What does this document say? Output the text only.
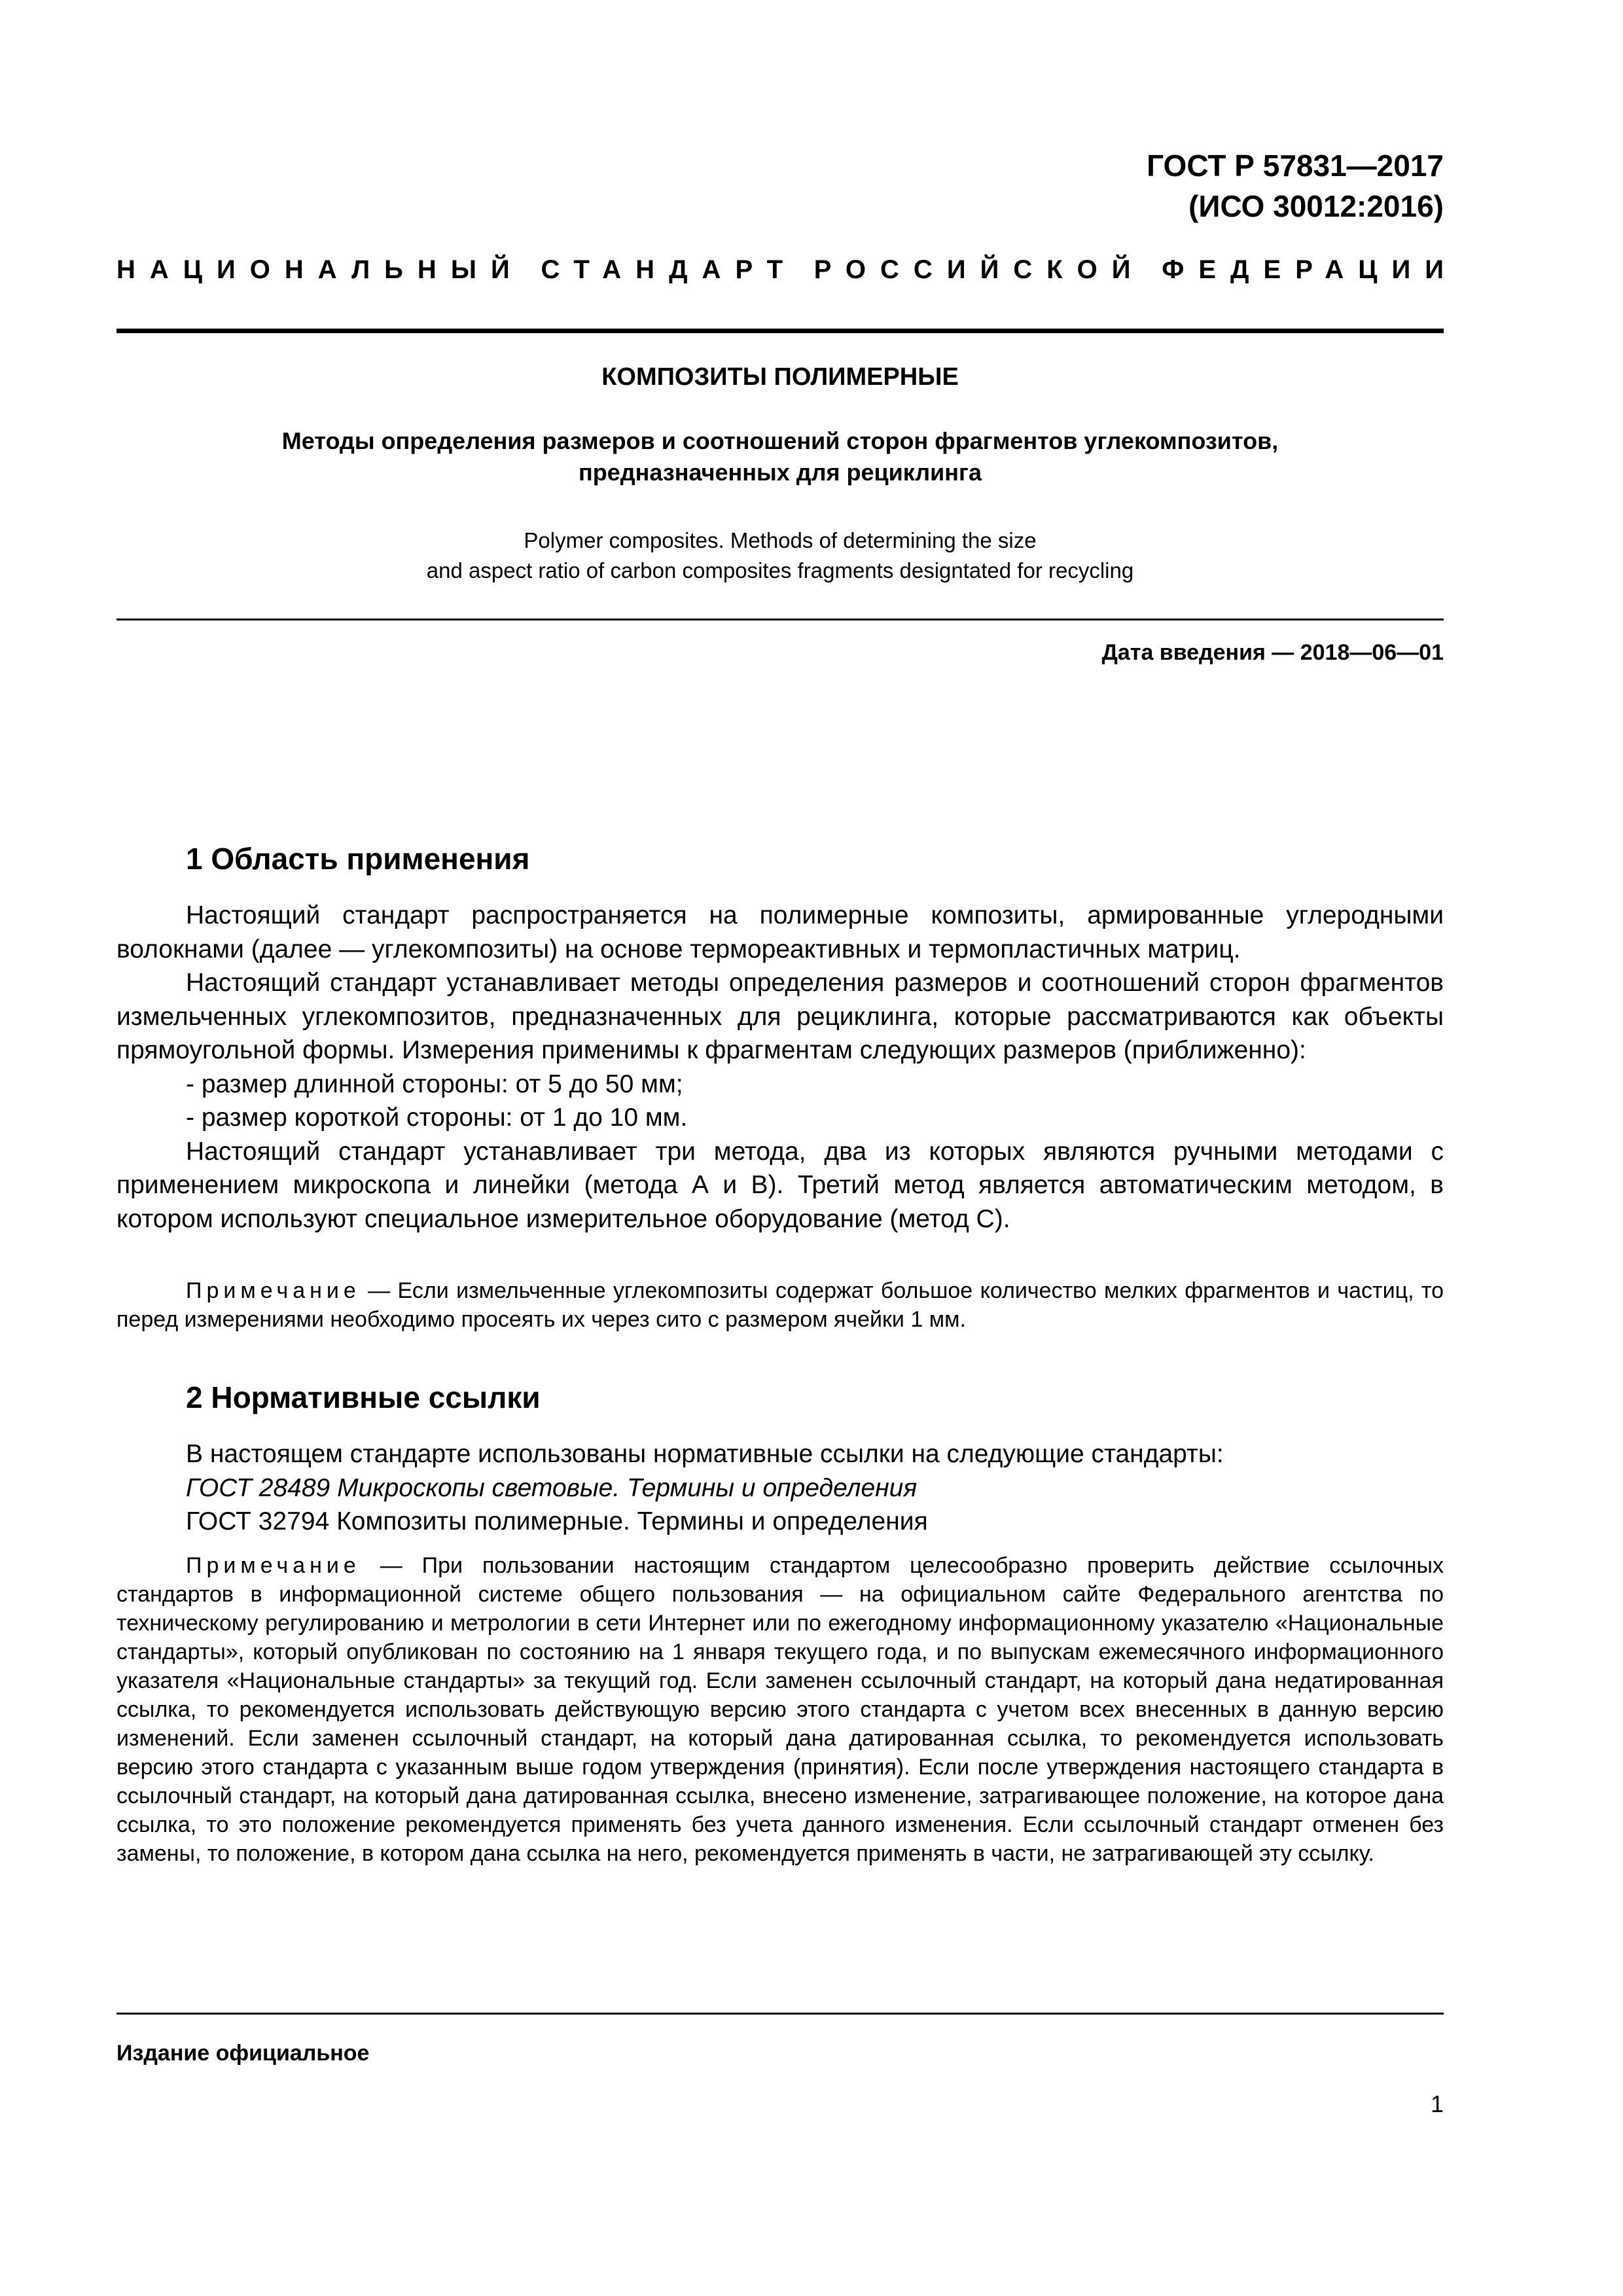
ГОСТ Р 57831—2017
(ИСО 30012:2016)
НАЦИОНАЛЬНЫЙ СТАНДАРТ РОССИЙСКОЙ ФЕДЕРАЦИИ
КОМПОЗИТЫ ПОЛИМЕРНЫЕ
Методы определения размеров и соотношений сторон фрагментов углекомпозитов,
предназначенных для рециклинга
Polymer composites. Methods of determining the size
and aspect ratio of carbon composites fragments designtated for recycling
Дата введения — 2018—06—01
1 Область применения

Настоящий стандарт распространяется на полимерные композиты, армированные углеродными волокнами (далее — углекомпозиты) на основе термореактивных и термопластичных матриц.

Настоящий стандарт устанавливает методы определения размеров и соотношений сторон фрагментов измельченных углекомпозитов, предназначенных для рециклинга, которые рассматриваются как объекты прямоугольной формы. Измерения применимы к фрагментам следующих размеров (приближенно):

- размер длинной стороны: от 5 до 50 мм;
- размер короткой стороны: от 1 до 10 мм.

Настоящий стандарт устанавливает три метода, два из которых являются ручными методами с применением микроскопа и линейки (метода А и В). Третий метод является автоматическим методом, в котором используют специальное измерительное оборудование (метод С).

Примечание — Если измельченные углекомпозиты содержат большое количество мелких фрагментов и частиц, то перед измерениями необходимо просеять их через сито с размером ячейки 1 мм.
2 Нормативные ссылки
В настоящем стандарте использованы нормативные ссылки на следующие стандарты:
ГОСТ 28489 Микроскопы световые. Термины и определения
ГОСТ 32794 Композиты полимерные. Термины и определения
Примечание — При пользовании настоящим стандартом целесообразно проверить действие ссылочных стандартов в информационной системе общего пользования — на официальном сайте Федерального агентства по техническому регулированию и метрологии в сети Интернет или по ежегодному информационному указателю «Национальные стандарты», который опубликован по состоянию на 1 января текущего года, и по выпускам ежемесячного информационного указателя «Национальные стандарты» за текущий год. Если заменен ссылочный стандарт, на который дана недатированная ссылка, то рекомендуется использовать действующую версию этого стандарта с учетом всех внесенных в данную версию изменений. Если заменен ссылочный стандарт, на который дана датированная ссылка, то рекомендуется использовать версию этого стандарта с указанным выше годом утверждения (принятия). Если после утверждения настоящего стандарта в ссылочный стандарт, на который дана датированная ссылка, внесено изменение, затрагивающее положение, на которое дана ссылка, то это положение рекомендуется применять без учета данного изменения. Если ссылочный стандарт отменен без замены, то положение, в котором дана ссылка на него, рекомендуется применять в части, не затрагивающей эту ссылку.
Издание официальное
1
